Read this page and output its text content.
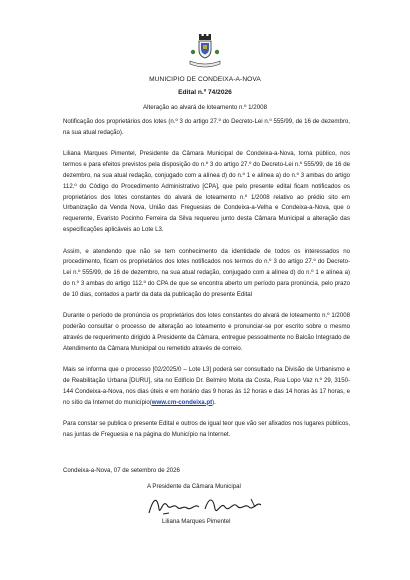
MUNICIPIO DE CONDEIXA-A-NOVA
Edital n.º 74/2026
Alteração ao alvará de loteamento n.º 1/2008

Notificação dos proprietários dos lotes (n.º 3 do artigo 27.º do Decreto-Lei n.º 555/99, de 16 de dezembro, na sua atual redação).

Liliana Marques Pimentel, Presidente da Câmara Municipal de Condeixa-a-Nova, torna público, nos termos e para efeitos previstos pela disposição do n.º 3 do artigo 27.º do Decreto-Lei n.º 555/99, de 16 de dezembro, na sua atual redação, conjugado com a alínea d) do n.º 1 e alínea a) do n.º 3 ambas do artigo 112.º do Código do Procedimento Administrativo [CPA], que pelo presente edital ficam notificados os proprietários dos lotes constantes do alvará de loteamento n.º 1/2008 relativo ao prédio sito em Urbanização da Venda Nova, União das Freguesias de Condeixa-a-Velha e Condeixa-a-Nova, que o requerente, Evaristo Pocinho Ferreira da Silva requereu junto desta Câmara Municipal a alteração das especificações aplicáveis ao Lote L3.

Assim, e atendendo que não se tem conhecimento da identidade de todos os interessados no procedimento, ficam os proprietários dos lotes notificados nos termos do n.º 3 do artigo 27.º do Decreto-Lei n.º 555/99, de 16 de dezembro, na sua atual redação, conjugado com a alínea d) do n.º 1 e alínea a) do n.º 3 ambas do artigo 112.º do CPA de que se encontra aberto um período para pronúncia, pelo prazo de 10 dias, contados a partir da data da publicação do presente Edital

Durante o período de pronúncia os proprietários dos lotes constantes do alvará de loteamento n.º 1/2008 poderão consultar o processo de alteração ao loteamento e pronunciar-se por escrito sobre o mesmo através de requerimento dirigido à Presidente da Câmara, entregue pessoalmente no Balcão Integrado de Atendimento da Câmara Municipal ou remetido através de correio.

Mais se informa que o processo [02/2025/0 – Lote L3] poderá ser consultado na Divisão de Urbanismo e de Reabilitação Urbana [DURU], sita no Edifício Dr. Belmiro Moita da Costa, Rua Lopo Vaz n.º 29, 3150-144 Condeixa-a-Nova, nos dias úteis e em horário das 9 horas às 12 horas e das 14 horas às 17 horas, e no sítio da Internet do município(www.cm-condeixa.pt).

Para constar se publica o presente Edital e outros de igual teor que vão ser afixados nos lugares públicos, nas juntas de Freguesia e na página do Município na Internet.

Condeixa-a-Nova, 07 de setembro de 2026
A Presidente da Câmara Municipal
Liliana Marques Pimentel
